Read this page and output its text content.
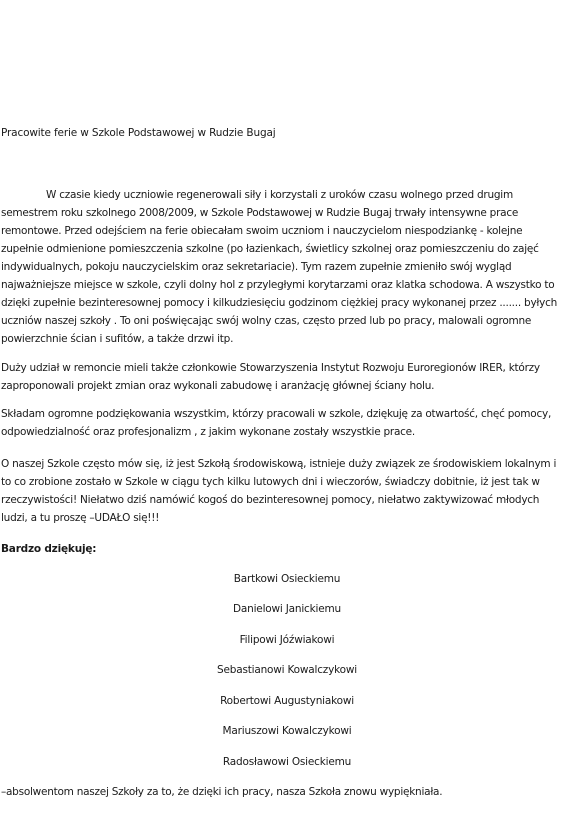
Pracowite ferie w Szkole Podstawowej w Rudzie Bugaj
W czasie kiedy uczniowie regenerowali siły i korzystali z uroków czasu wolnego przed drugim
semestrem roku szkolnego 2008/2009, w Szkole Podstawowej w Rudzie Bugaj trwały intensywne prace
remontowe. Przed odejściem na ferie obiecałam swoim uczniom i nauczycielom niespodziankę - kolejne
zupełnie odmienione pomieszczenia szkolne (po łazienkach, świetlicy szkolnej oraz pomieszczeniu do zajęć
indywidualnych, pokoju nauczycielskim oraz sekretariacie). Tym razem zupełnie zmieniło swój wygląd
najważniejsze miejsce w szkole, czyli dolny hol z przyległymi korytarzami oraz klatka schodowa. A wszystko to
dzięki zupełnie bezinteresownej pomocy i kilkudziesięciu godzinom ciężkiej pracy wykonanej przez ....... byłych
uczniów naszej szkoły . To oni poświęcając swój wolny czas, często przed lub po pracy, malowali ogromne
powierzchnie ścian i sufitów, a także drzwi itp.
Duży udział w remoncie mieli także członkowie Stowarzyszenia Instytut Rozwoju Euroregionów IRER, którzy
zaproponowali projekt zmian oraz wykonali zabudowę i aranżację głównej ściany holu.
Składam ogromne podziękowania wszystkim, którzy pracowali w szkole, dziękuję za otwartość, chęć pomocy,
odpowiedzialność oraz profesjonalizm , z jakim wykonane zostały wszystkie prace.
O naszej Szkole często mów się, iż jest Szkołą środowiskową, istnieje duży związek ze środowiskiem lokalnym i
to co zrobione zostało w Szkole w ciągu tych kilku lutowych dni i wieczorów, świadczy dobitnie, iż jest tak w
rzeczywistości! Niełatwo dziś namówić kogoś do bezinteresownej pomocy, niełatwo zaktywizować młodych
ludzi, a tu proszę –UDAŁO się!!!
Bardzo dziękuję:
Bartkowi Osieckiemu
Danielowi Janickiemu
Filipowi Jóźwiakowi
Sebastianowi Kowalczykowi
Robertowi Augustyniakowi
Mariuszowi Kowalczykowi
Radosławowi Osieckiemu
–absolwentom naszej Szkoły za to, że dzięki ich pracy, nasza Szkoła znowu wypiękniała.
